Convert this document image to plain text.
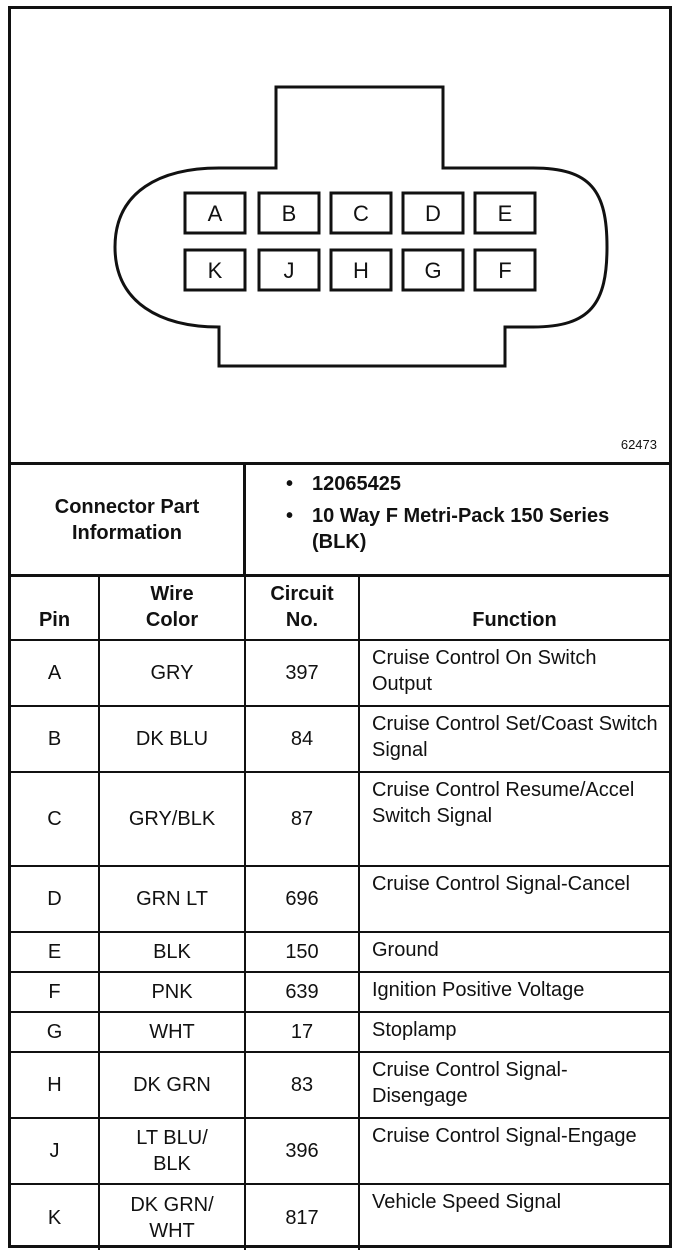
A	B	C	D	E
K	J	H	G	F
62473
Connector Part Information
• 12065425
• 10 Way F Metri-Pack 150 Series (BLK)
Pin	Wire Color	Circuit No.	Function
A	GRY	397	Cruise Control On Switch Output
B	DK BLU	84	Cruise Control Set/Coast Switch Signal
C	GRY/BLK	87	Cruise Control Resume/Accel Switch Signal
D	GRN LT	696	Cruise Control Signal-Cancel
E	BLK	150	Ground
F	PNK	639	Ignition Positive Voltage
G	WHT	17	Stoplamp
H	DK GRN	83	Cruise Control Signal-Disengage
J	LT BLU/ BLK	396	Cruise Control Signal-Engage
K	DK GRN/ WHT	817	Vehicle Speed Signal
